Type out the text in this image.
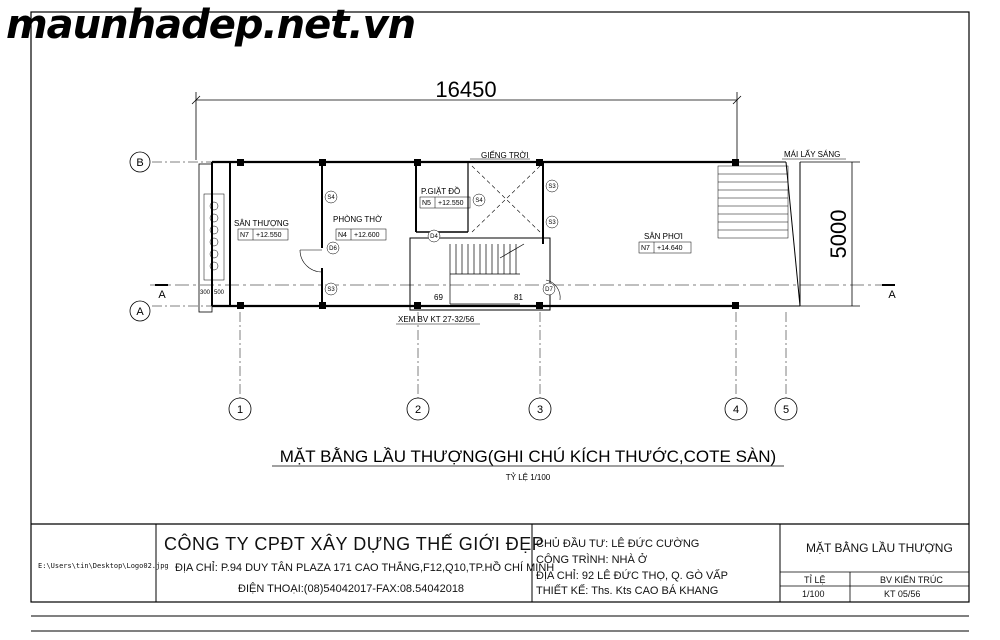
maunhadep.net.vn
16450
5000
B
A
A	A
1	2	3	4	5
GIẾNG TRỜI	MÁI LẤY SÁNG
P.GIẶT ĐỒ
SÂN THƯỢNG	PHÒNG THỜ
SÂN PHƠI
69	81
XEM BV KT 27-32/56
300 500
N7 +12.550	N4 +12.600
N5 +12.550
N7 +14.640
S4
S3
D6
S3
S4
S3
D4
D7
MẶT BẰNG LẦU THƯỢNG(GHI CHÚ KÍCH THƯỚC,COTE SÀN)
TỶ LỆ 1/100
E:\Users\tin\Desktop\Logo02.jpg
CÔNG TY CPĐT XÂY DỰNG THẾ GIỚI ĐẸP
ĐỊA CHỈ: P.94 DUY TÂN PLAZA 171 CAO THẮNG,F12,Q10,TP.HỒ CHÍ MINH
ĐIỆN THOẠI:(08)54042017-FAX:08.54042018
CHỦ ĐẦU TƯ: LÊ ĐỨC CƯỜNG
CÔNG TRÌNH: NHÀ Ở
ĐỊA CHỈ: 92 LÊ ĐỨC THỌ, Q. GÒ VẤP
THIẾT KẾ: Ths. Kts CAO BÁ KHANG
MẶT BẰNG LẦU THƯỢNG
TỈ LỆ	BV KIẾN TRÚC
1/100	KT 05/56
